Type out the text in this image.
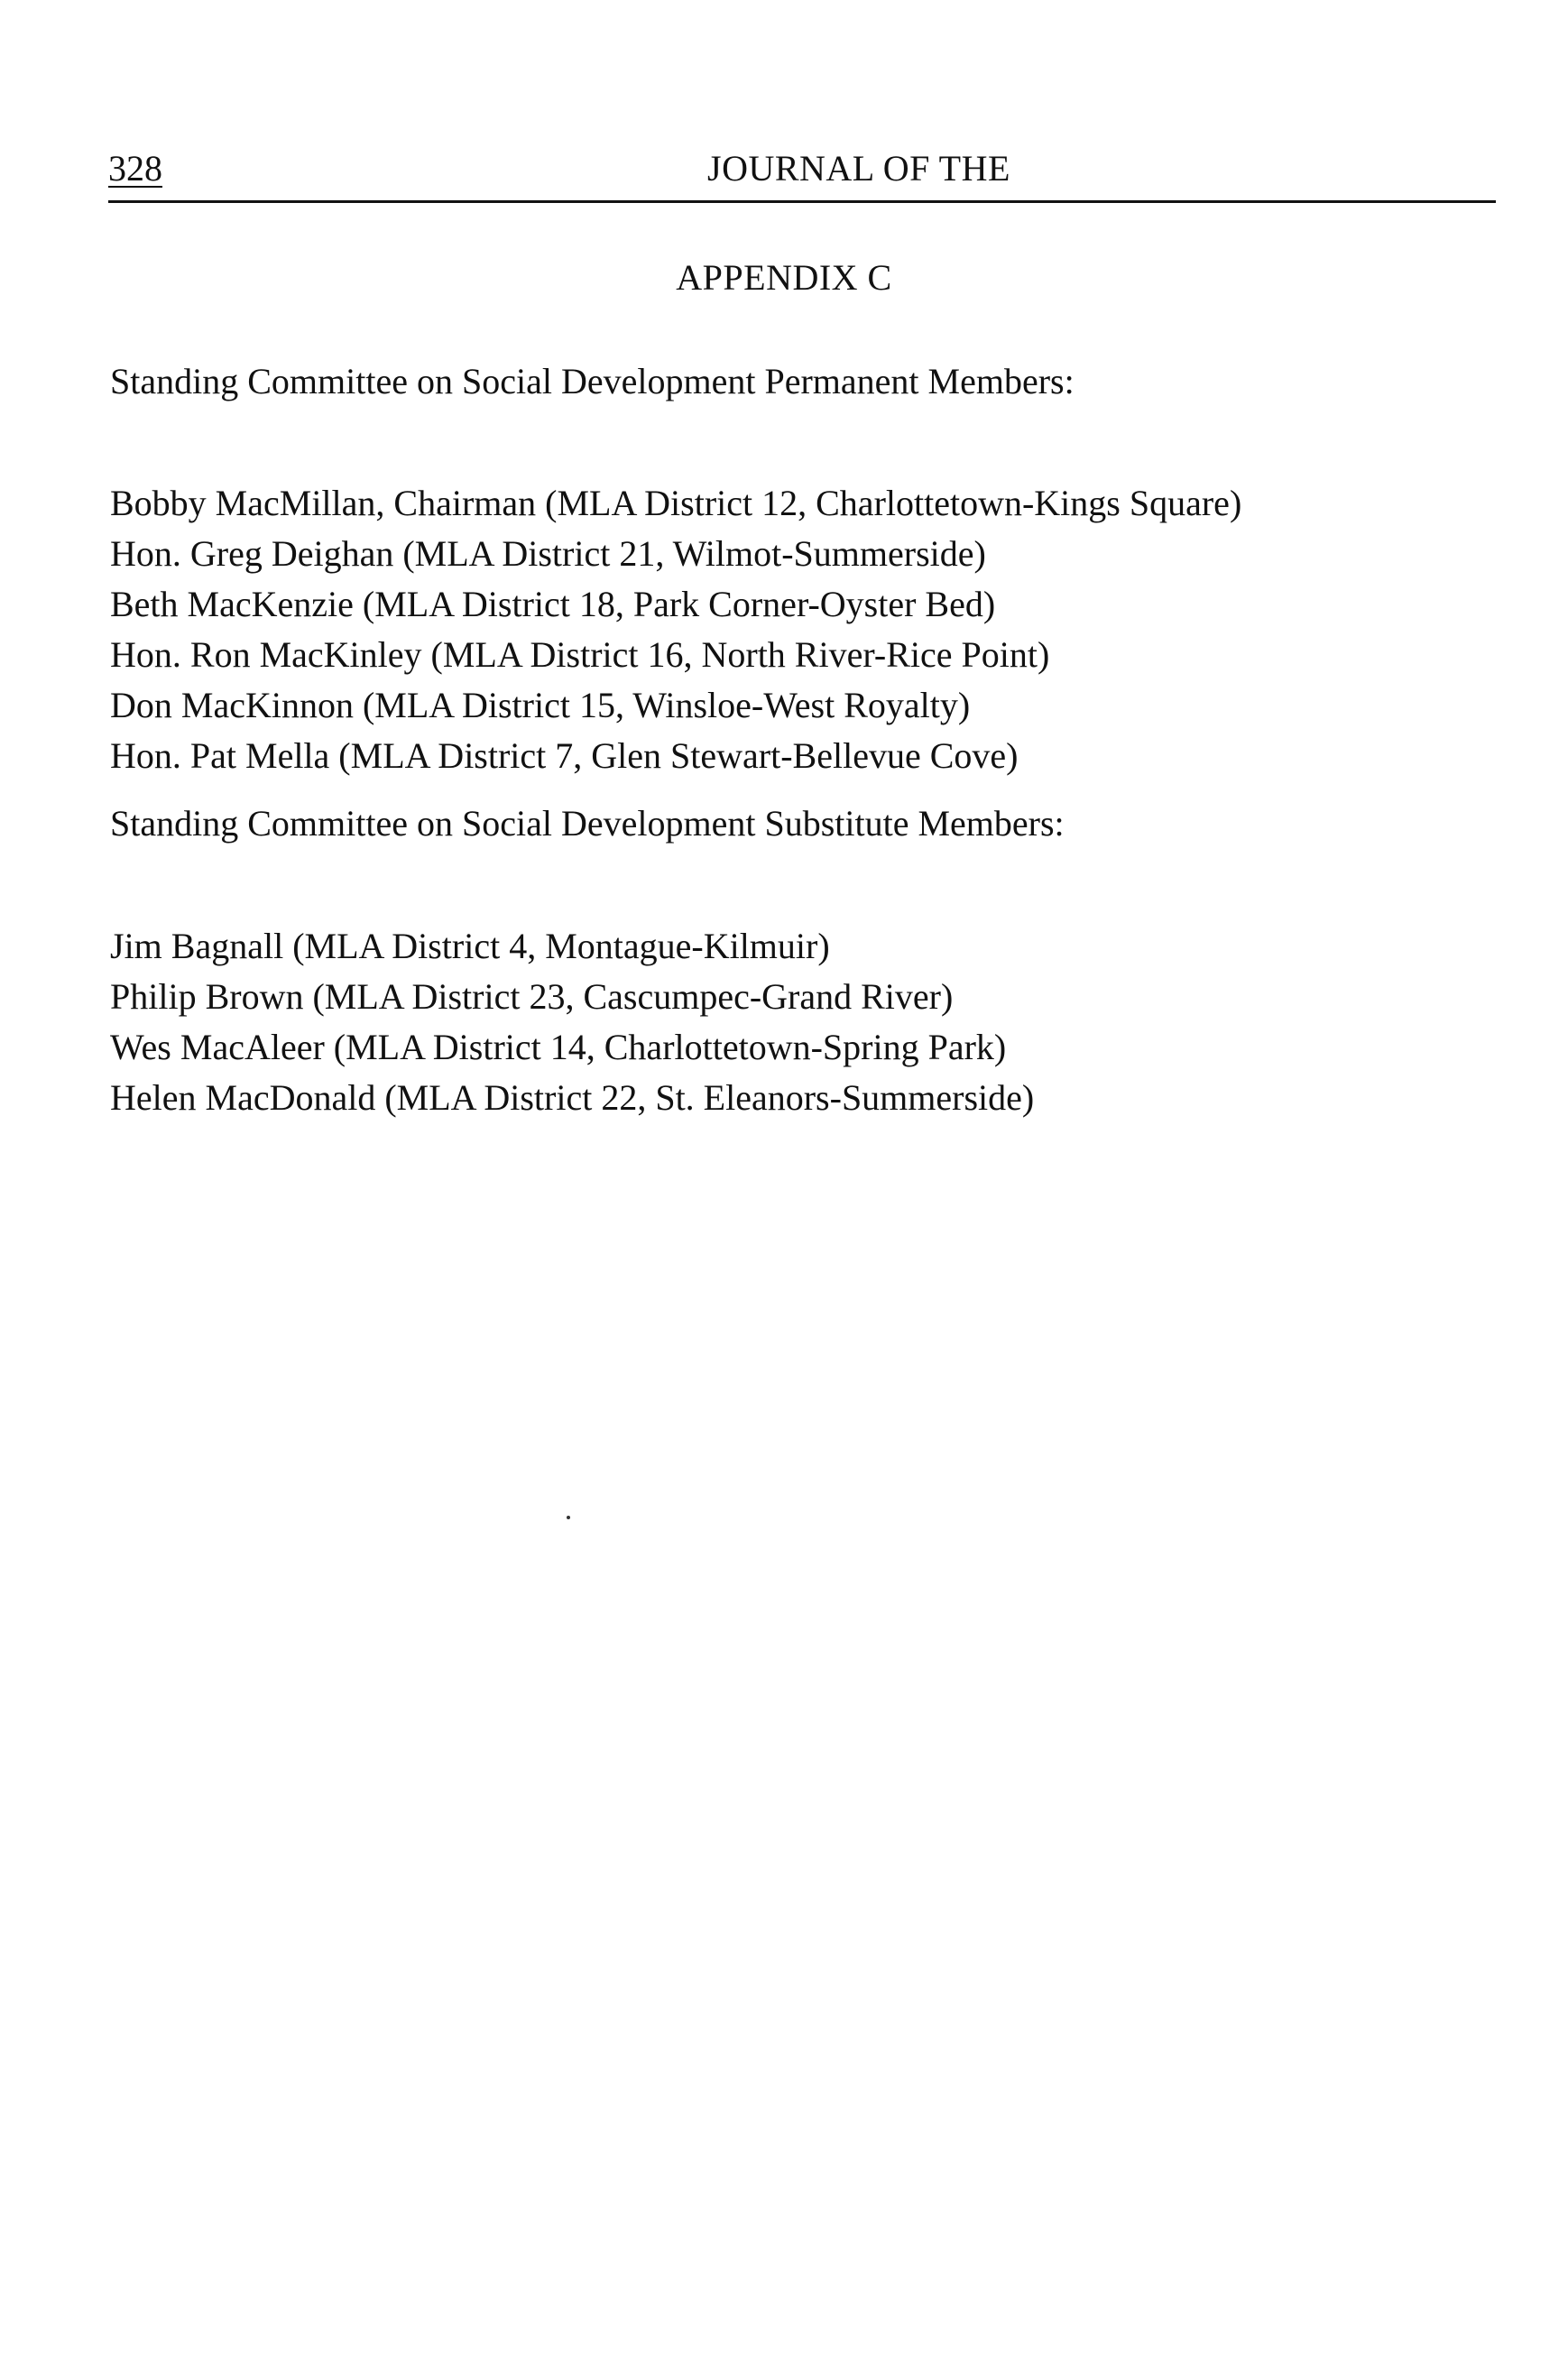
328	JOURNAL OF THE
APPENDIX C

Standing Committee on Social Development Permanent Members:

Bobby MacMillan, Chairman (MLA District 12, Charlottetown-Kings Square)
Hon. Greg Deighan (MLA District 21, Wilmot-Summerside)
Beth MacKenzie (MLA District 18, Park Corner-Oyster Bed)
Hon. Ron MacKinley (MLA District 16, North River-Rice Point)
Don MacKinnon (MLA District 15, Winsloe-West Royalty)
Hon. Pat Mella (MLA District 7, Glen Stewart-Bellevue Cove)

Standing Committee on Social Development Substitute Members:

Jim Bagnall (MLA District 4, Montague-Kilmuir)
Philip Brown (MLA District 23, Cascumpec-Grand River)
Wes MacAleer (MLA District 14, Charlottetown-Spring Park)
Helen MacDonald (MLA District 22, St. Eleanors-Summerside)
